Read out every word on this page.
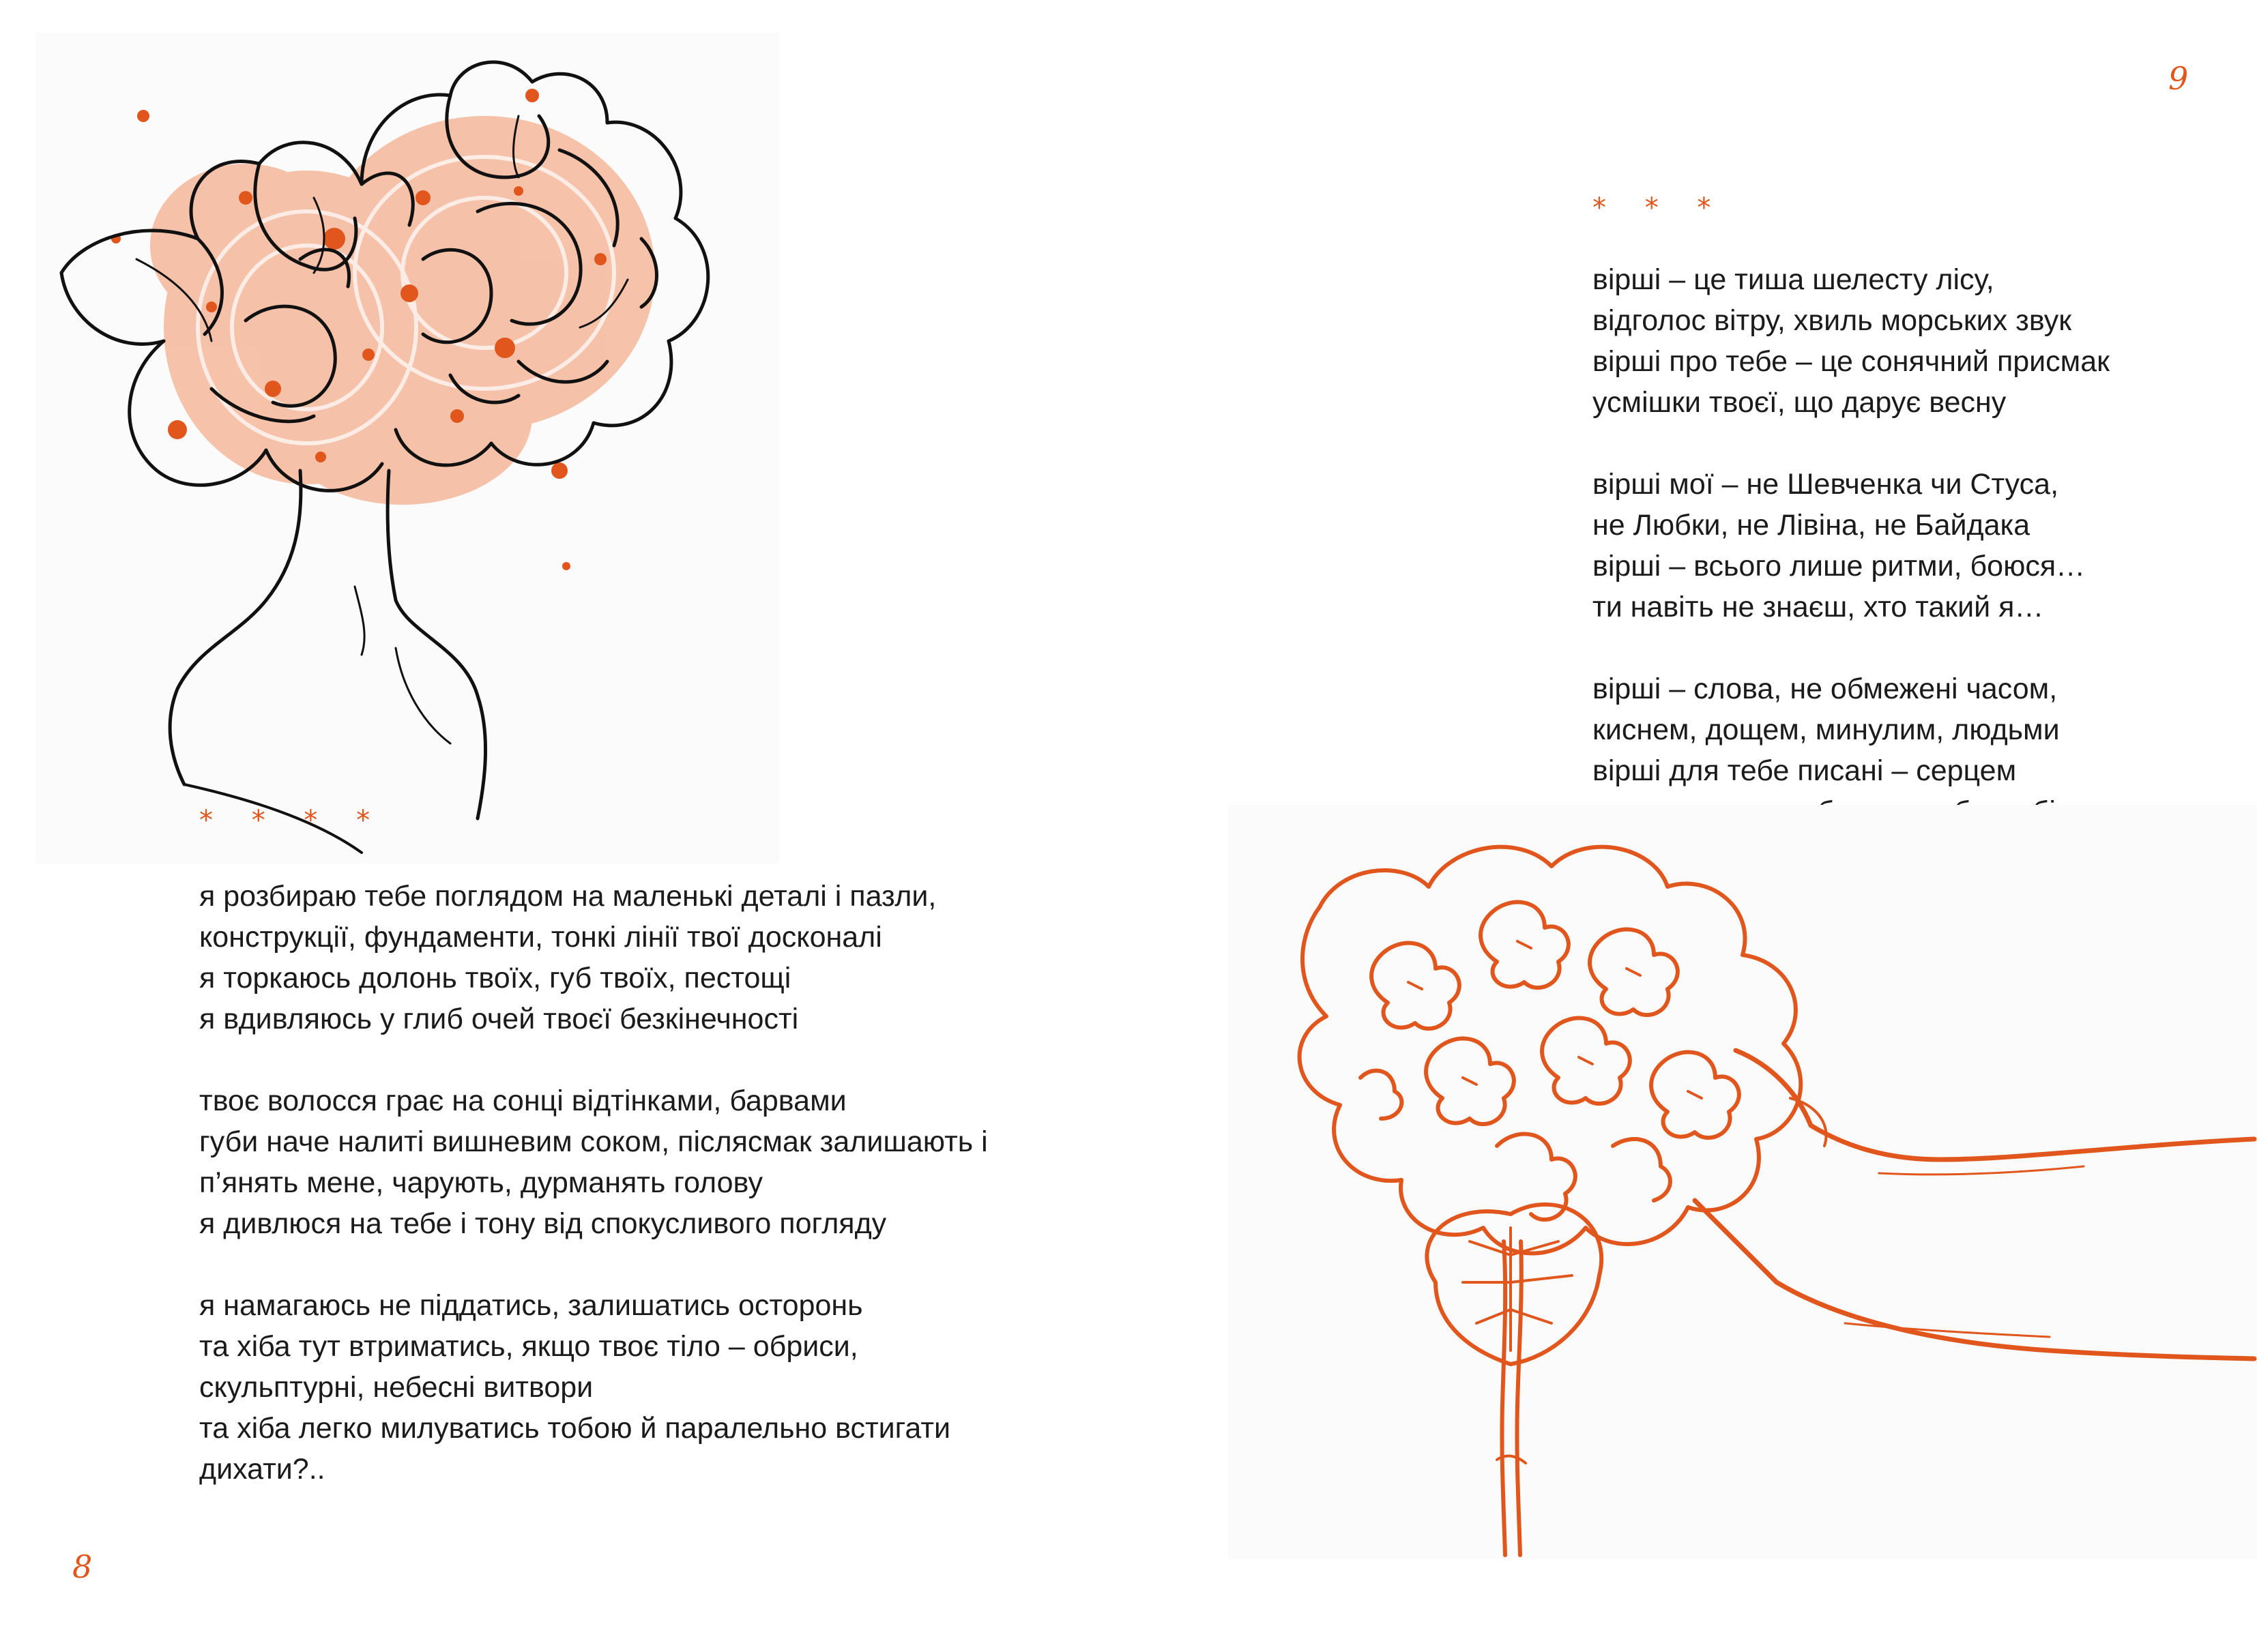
* * * *
я розбираю тебе поглядом на маленькі деталі і пазли,
конструкції, фундаменти, тонкі лінії твої досконалі
я торкаюсь долонь твоїх, губ твоїх, пестощі
я вдивляюсь у глиб очей твоєї безкінечності
твоє волосся грає на сонці відтінками, барвами
губи наче налиті вишневим соком, післясмак залишають і
п’янять мене, чарують, дурманять голову
я дивлюся на тебе і тону від спокусливого погляду
я намагаюсь не піддатись, залишатись осторонь
та хіба тут втриматись, якщо твоє тіло – обриси,
скульптурні, небесні витвори
та хіба легко милуватись тобою й паралельно встигати
дихати?..
8
9
* * *
вірші – це тиша шелесту лісу,
відголос вітру, хвиль морських звук
вірші про тебе – це сонячний присмак
усмішки твоєї, що дарує весну
вірші мої – не Шевченка чи Стуса,
не Любки, не Лівіна, не Байдака
вірші – всього лише ритми, боюся…
ти навіть не знаєш, хто такий я…
вірші – слова, не обмежені часом,
киснем, дощем, минулим, людьми
вірші для тебе писані – серцем
